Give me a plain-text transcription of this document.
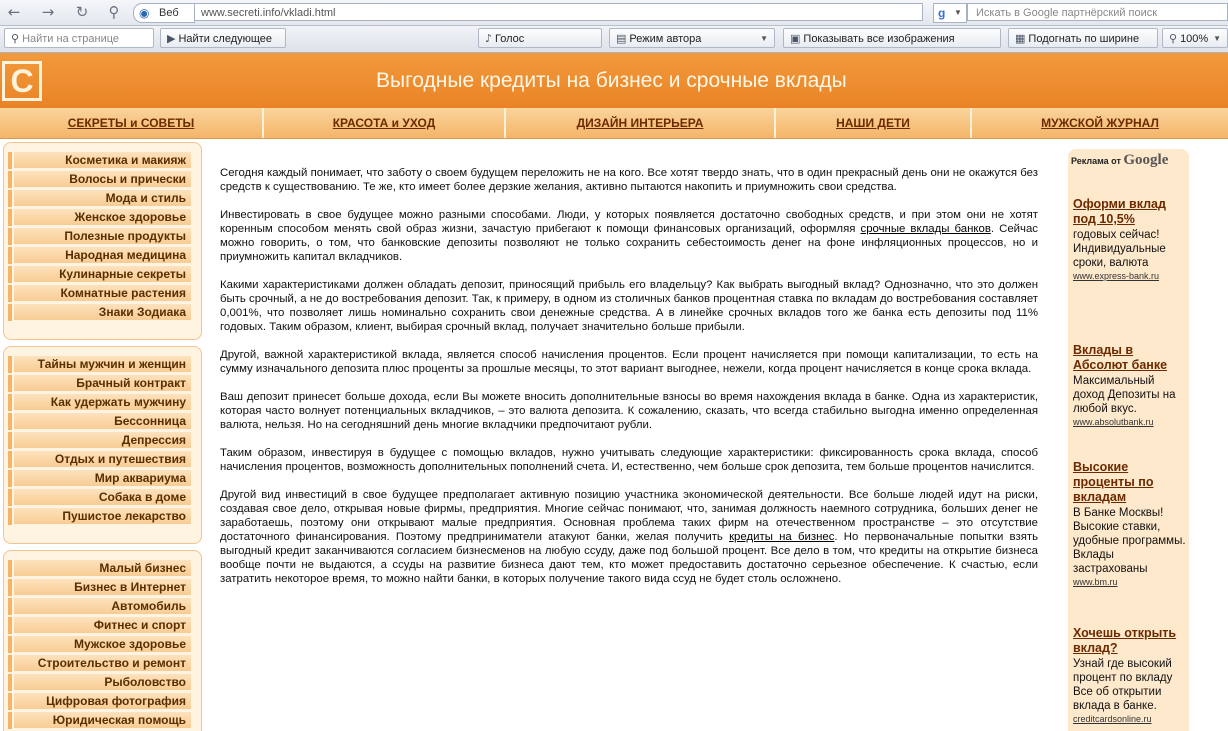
← → ↻	⚲	◉ Веб	www.secreti.info/vkladi.html	g ▼	Искать в Google партнёрский поиск
⚲ Найти на странице	▶ Найти следующее	♪ Голос	▤ Режим автора	▼	▣ Показывать все изображения	▦ Подогнать по ширине	⚲ 100% ▼
C	Выгодные кредиты на бизнес и срочные вклады
СЕКРЕТЫ и СОВЕТЫ	КРАСОТА и УХОД	ДИЗАЙН ИНТЕРЬЕРА	НАШИ ДЕТИ	МУЖСКОЙ ЖУРНАЛ
Косметика и макияж
Волосы и прически
Мода и стиль
Женское здоровье
Полезные продукты
Народная медицина
Кулинарные секреты
Комнатные растения
Знаки Зодиака
Тайны мужчин и женщин
Брачный контракт
Как удержать мужчину
Бессонница
Депрессия
Отдых и путешествия
Мир аквариума
Собака в доме
Пушистое лекарство
Малый бизнес
Бизнес в Интернет
Автомобиль
Фитнес и спорт
Мужское здоровье
Строительство и ремонт
Рыболовство
Цифровая фотография
Юридическая помощь

Сегодня каждый понимает, что заботу о своем будущем переложить не на кого. Все хотят твердо знать, что в один прекрасный день они не окажутся без средств к существованию. Те же, кто имеет более дерзкие желания, активно пытаются накопить и приумножить свои средства.

Инвестировать в свое будущее можно разными способами. Люди, у которых появляется достаточно свободных средств, и при этом они не хотят коренным способом менять свой образ жизни, зачастую прибегают к помощи финансовых организаций, оформляя срочные вклады банков. Сейчас можно говорить, о том, что банковские депозиты позволяют не только сохранить себестоимость денег на фоне инфляционных процессов, но и приумножить капитал вкладчиков.

Какими характеристиками должен обладать депозит, приносящий прибыль его владельцу? Как выбрать выгодный вклад? Однозначно, что это должен быть срочный, а не до востребования депозит. Так, к примеру, в одном из столичных банков процентная ставка по вкладам до востребования составляет 0,001%, что позволяет лишь номинально сохранить свои денежные средства. А в линейке срочных вкладов того же банка есть депозиты под 11% годовых. Таким образом, клиент, выбирая срочный вклад, получает значительно больше прибыли.

Другой, важной характеристикой вклада, является способ начисления процентов. Если процент начисляется при помощи капитализации, то есть на сумму изначального депозита плюс проценты за прошлые месяцы, то этот вариант выгоднее, нежели, когда процент начисляется в конце срока вклада.

Ваш депозит принесет больше дохода, если Вы можете вносить дополнительные взносы во время нахождения вклада в банке. Одна из характеристик, которая часто волнует потенциальных вкладчиков, – это валюта депозита. К сожалению, сказать, что всегда стабильно выгодна именно определенная валюта, нельзя. Но на сегодняшний день многие вкладчики предпочитают рубли.

Таким образом, инвестируя в будущее с помощью вкладов, нужно учитывать следующие характеристики: фиксированность срока вклада, способ начисления процентов, возможность дополнительных пополнений счета. И, естественно, чем больше срок депозита, тем больше процентов начислится.

Другой вид инвестиций в свое будущее предполагает активную позицию участника экономической деятельности. Все больше людей идут на риски, создавая свое дело, открывая новые фирмы, предприятия. Многие сейчас понимают, что, занимая должность наемного сотрудника, больших денег не заработаешь, поэтому они открывают малые предприятия. Основная проблема таких фирм на отечественном пространстве – это отсутствие достаточного финансирования. Поэтому предприниматели атакуют банки, желая получить кредиты на бизнес. Но первоначальные попытки взять выгодный кредит заканчиваются согласием бизнесменов на любую ссуду, даже под большой процент. Все дело в том, что кредиты на открытие бизнеса вообще почти не выдаются, а ссуды на развитие бизнеса дают тем, кто может предоставить достаточно серьезное обеспечение. К счастью, если затратить некоторое время, то можно найти банки, в которых получение такого вида ссуд не будет столь осложнено.

Реклама от Google
Оформи вклад под 10,5%
годовых сейчас! Индивидуальные сроки, валюта
www.express-bank.ru
Вклады в Абсолют банке
Максимальный доход Депозиты на любой вкус.
www.absolutbank.ru
Высокие проценты по вкладам
В Банке Москвы! Высокие ставки, удобные программы. Вклады застрахованы
www.bm.ru
Хочешь открыть вклад?
Узнай где высокий процент по вкладу Все об открытии вклада в банке.
creditcardsonline.ru
